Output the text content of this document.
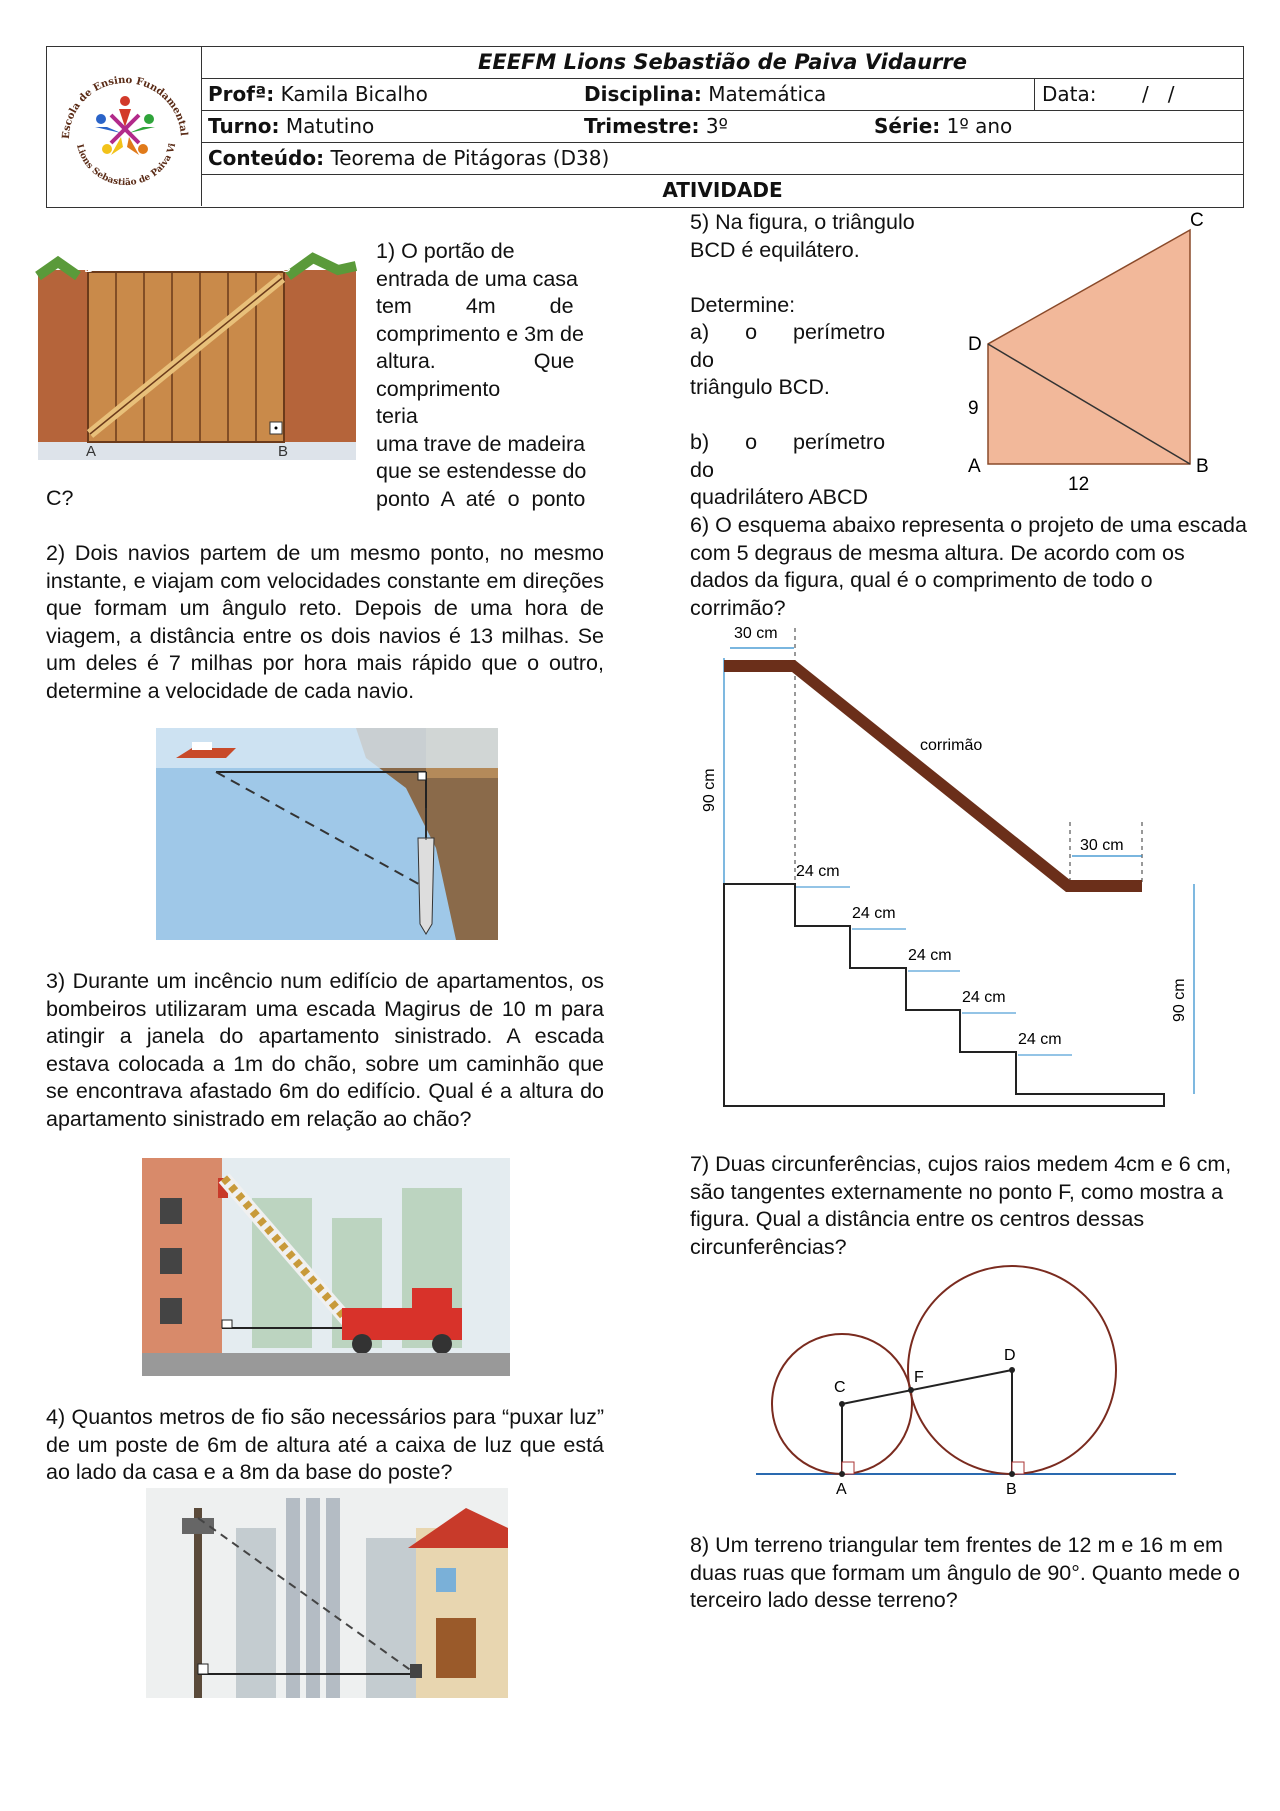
Escola de Ensino Fundamental
Lions Sebastião de Paiva Vi
EEEFM Lions Sebastião de Paiva Vidaurre
Profª: Kamila Bicalho	Disciplina: Matemática	Data: /   /
Turno: Matutino	Trimestre: 3º	Série: 1º ano
Conteúdo: Teorema de Pitágoras (D38)
ATIVIDADE
D	C
A	B
1) O portão de
entrada de uma casa
tem 4m de
comprimento e 3m de
altura. Que
comprimento teria
uma trave de madeira
que se estendesse do
ponto A até o ponto
C?
2) Dois navios partem de um mesmo ponto, no mesmo instante, e viajam com velocidades constante em direções que formam um ângulo reto. Depois de uma hora de viagem, a distância entre os dois navios é 13 milhas. Se um deles é 7 milhas por hora mais rápido que o outro, determine a velocidade de cada navio.
3) Durante um incêncio num edifício de apartamentos, os bombeiros utilizaram uma escada Magirus de 10 m para atingir a janela do apartamento sinistrado. A escada estava colocada a 1m do chão, sobre um caminhão que se encontrava afastado 6m do edifício. Qual é a altura do apartamento sinistrado em relação ao chão?
4) Quantos metros de fio são necessários para “puxar luz” de um poste de 6m de altura até a caixa de luz que está ao lado da casa e a 8m da base do poste?
5) Na figura, o triângulo
BCD é equilátero.
Determine:
a) o perímetro do
triângulo BCD.
b) o perímetro do
quadrilátero ABCD
C
D
A	B
9
12
6) O esquema abaixo representa o projeto de uma escada com 5 degraus de mesma altura. De acordo com os dados da figura, qual é o comprimento de todo o corrimão?
30 cm
30 cm
corrimão
90 cm
90 cm
24 cm
24 cm
24 cm
24 cm
24 cm
7) Duas circunferências, cujos raios medem 4cm e 6 cm, são tangentes externamente no ponto F, como mostra a figura. Qual a distância entre os centros dessas circunferências?
C
D
F
A	B
8) Um terreno triangular tem frentes de 12 m e 16 m em duas ruas que formam um ângulo de 90°. Quanto mede o terceiro lado desse terreno?
